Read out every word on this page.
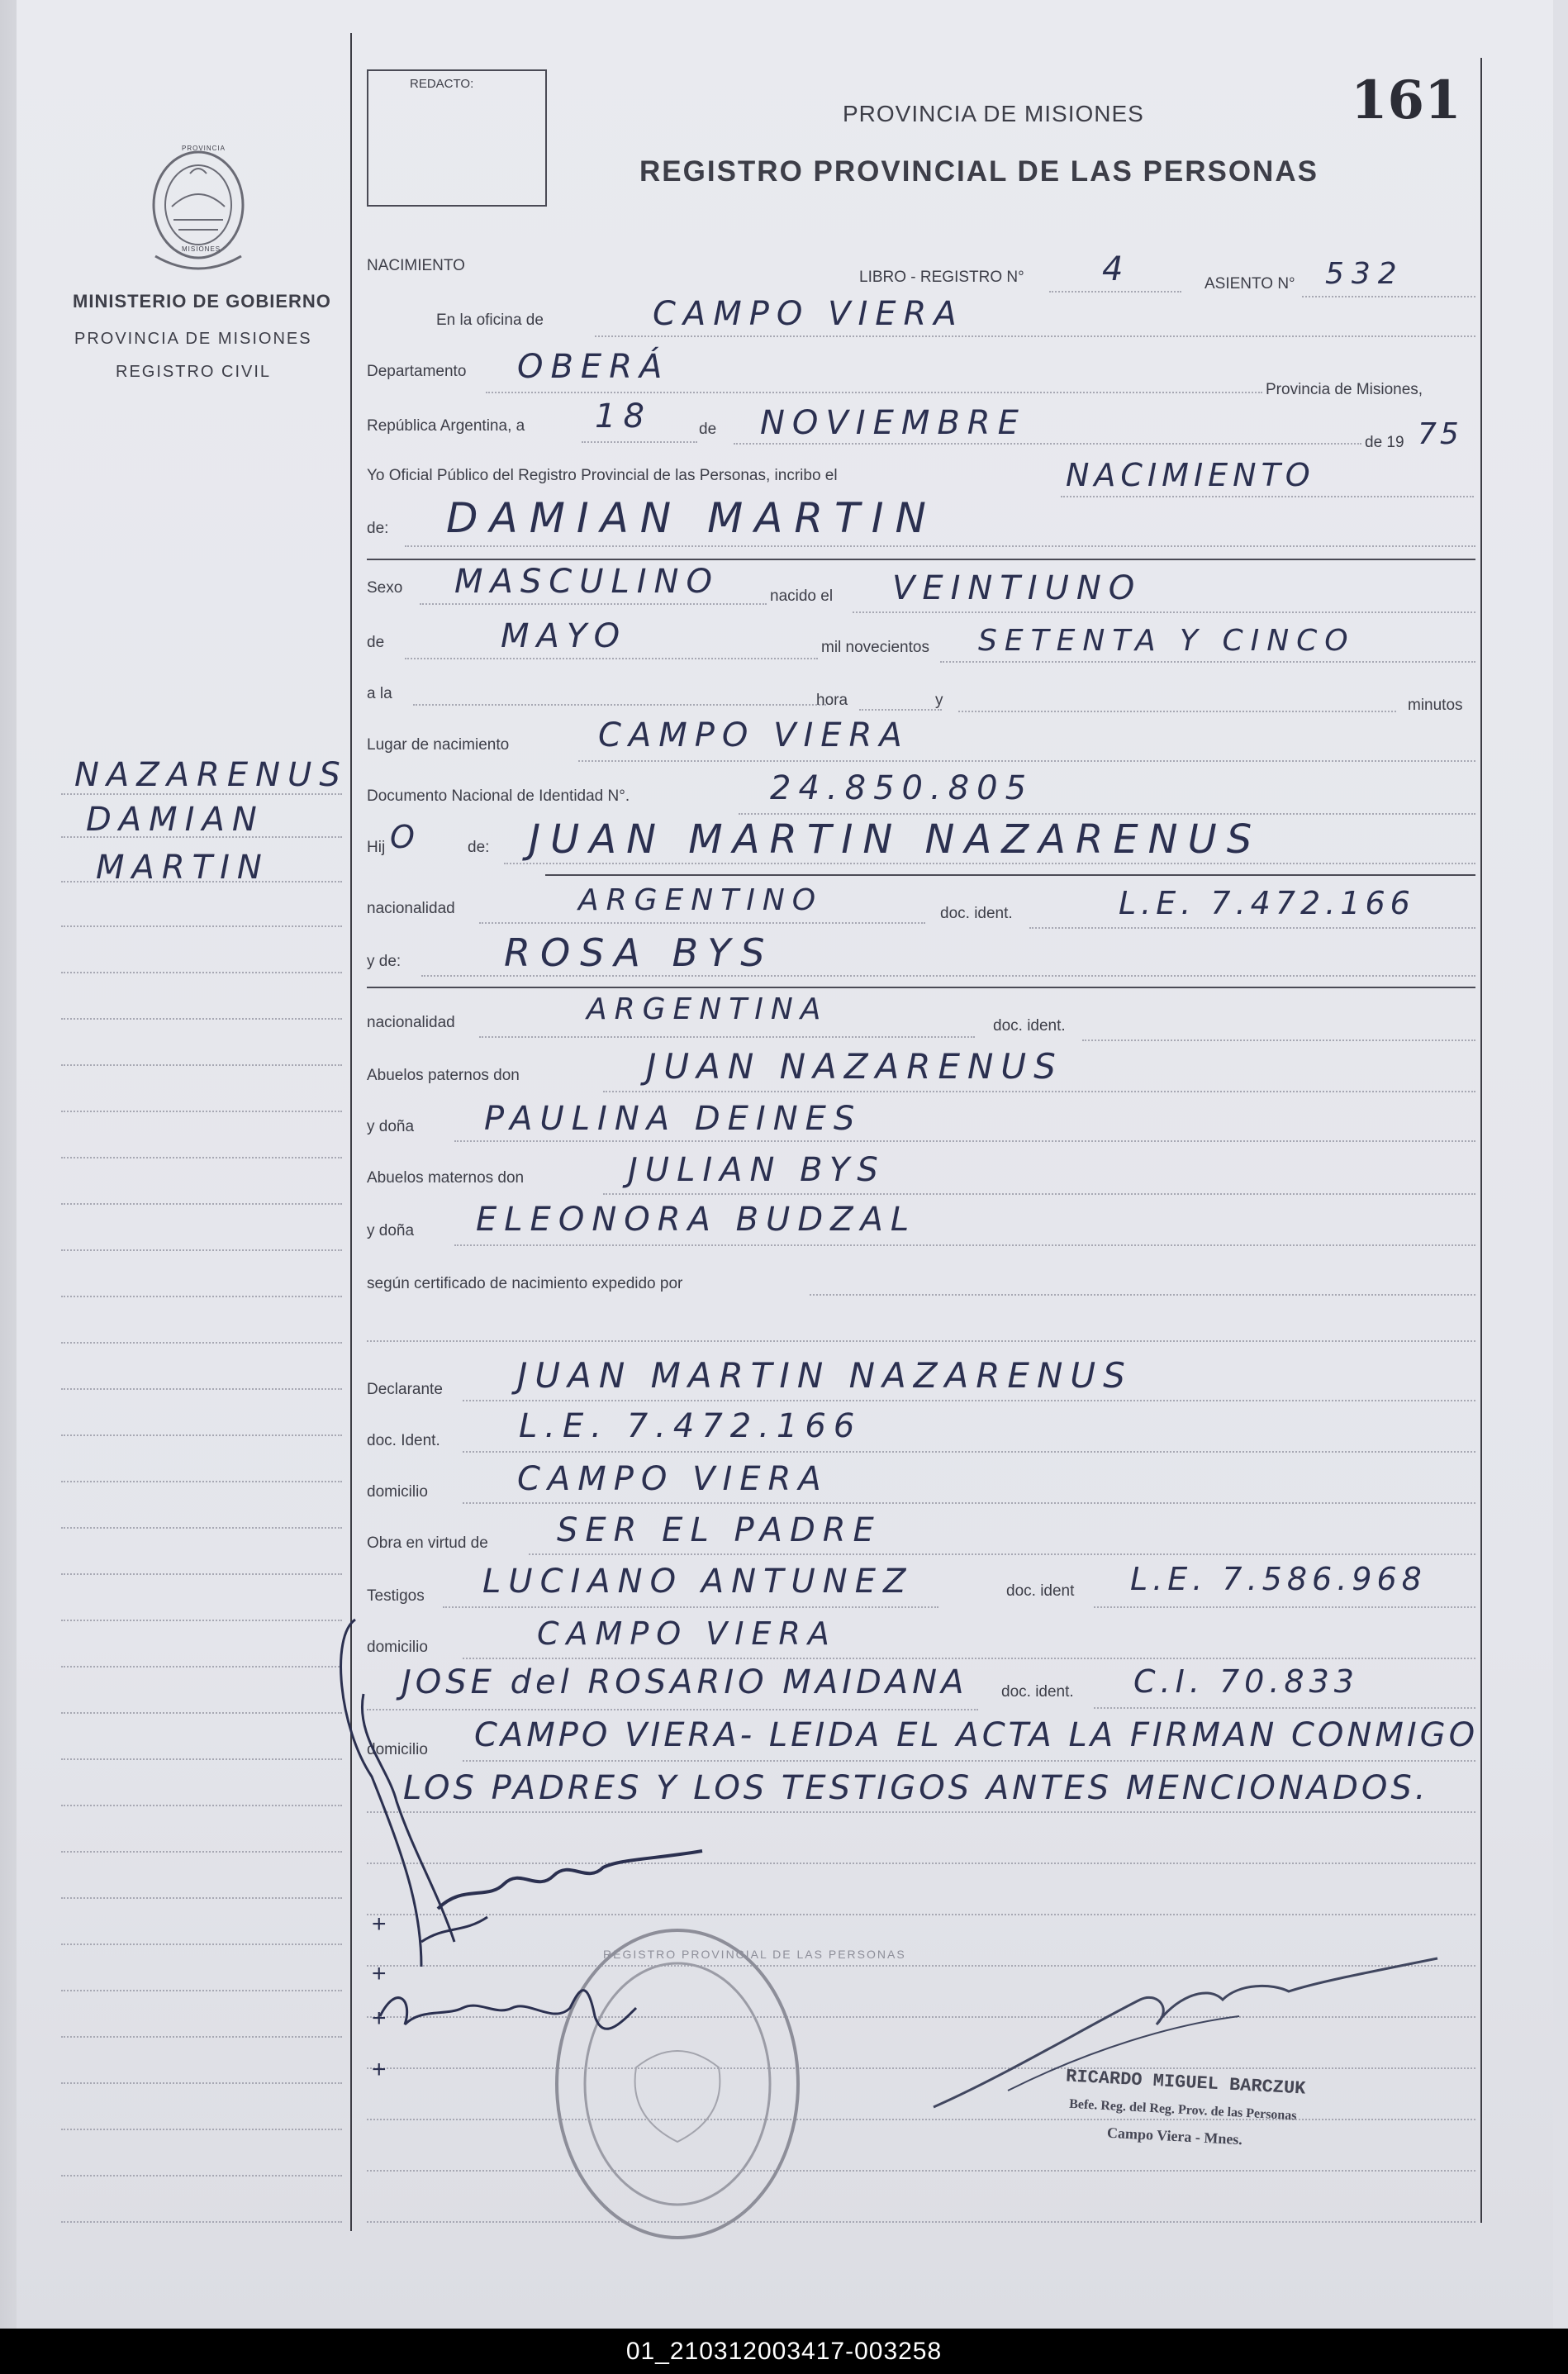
REDACTO:
PROVINCIA DE MISIONES
REGISTRO PROVINCIAL DE LAS PERSONAS
161
PROVINCIA
MISIONES
MINISTERIO DE GOBIERNO
PROVINCIA DE MISIONES
REGISTRO CIVIL
NAZARENUS
DAMIAN
MARTIN
NACIMIENTO
LIBRO - REGISTRO N° 4	ASIENTO N° 532
En la oficina de	CAMPO VIERA
Departamento OBERÁ
Provincia de Misiones,
República Argentina, a 18	de NOVIEMBRE
de 19 75
Yo Oficial Público del Registro Provincial de las Personas, incribo el	NACIMIENTO
de: DAMIAN MARTIN
Sexo MASCULINO	nacido el VEINTIUNO
de	MAYO	mil novecientos SETENTA Y CINCO
a la	hora	y	minutos
Lugar de nacimiento	CAMPO VIERA
Documento Nacional de Identidad N°.	24.850.805
Hij O	de: JUAN MARTIN NAZARENUS
nacionalidad	ARGENTINO	doc. ident.	L.E. 7.472.166
y de:	ROSA BYS
nacionalidad	ARGENTINA	doc. ident.
Abuelos paternos don	JUAN NAZARENUS
y doña PAULINA DEINES
Abuelos maternos don	JULIAN BYS
y doña ELEONORA BUDZAL
según certificado de nacimiento expedido por
Declarante JUAN MARTIN NAZARENUS
doc. Ident. L.E. 7.472.166
domicilio	CAMPO VIERA
Obra en virtud de SER EL PADRE
Testigos LUCIANO ANTUNEZ	doc. ident L.E. 7.586.968
domicilio	CAMPO VIERA
JOSE del ROSARIO MAIDANA doc. ident. C.I. 70.833
domicilio CAMPO VIERA- LEIDA EL ACTA LA FIRMAN CONMIGO
LOS PADRES Y LOS TESTIGOS ANTES MENCIONADOS.
+
+
+
+
REGISTRO PROVINCIAL DE LAS PERSONAS
RICARDO MIGUEL BARCZUK
Befe. Reg. del Reg. Prov. de las Personas
Campo Viera - Mnes.
01_210312003417-003258
